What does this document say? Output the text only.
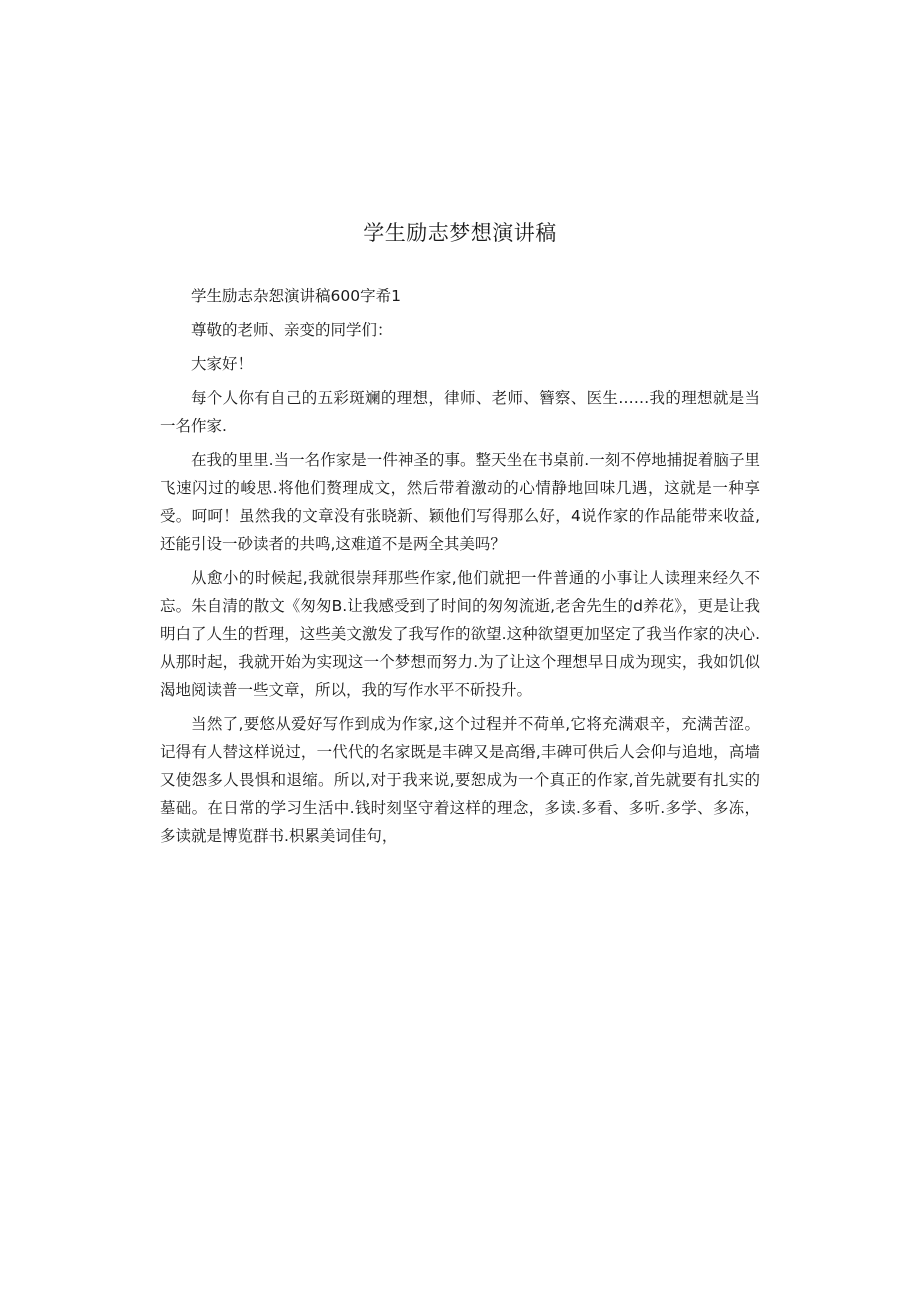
学生励志梦想演讲稿

学生励志杂恕演讲稿600字希1

尊敬的老师、亲变的同学们：

大家好！

每个人你有自己的五彩斑斓的理想，律师、老师、簪察、医生……我的理想就是当一名作家.

在我的里里.当一名作家是一件神圣的事。整天坐在书桌前.一刻不停地捕捉着脑子里飞速闪过的峻思.将他们赘理成文，然后带着激动的心情静地回味几遇，这就是一种享受。呵呵！虽然我的文章没有张晓新、颖他们写得那么好，4说作家的作品能带来收益,还能引设一砂读者的共鸣,这难道不是两全其美吗？

从愈小的时候起,我就很崇拜那些作家,他们就把一件普通的小事让人读理来经久不忘。朱自清的散文《匆匆B.让我感受到了时间的匆匆流逝,老舍先生的d养花》，更是让我明白了人生的哲理，这些美文激发了我写作的欲望.这种欲望更加坚定了我当作家的决心.从那时起，我就开始为实现这一个梦想而努力.为了让这个理想早日成为现实，我如饥似渴地阅读普一些文章，所以，我的写作水平不斫投升。

当然了,要悠从爱好写作到成为作家,这个过程并不荷单,它将充满艰辛，充满苦涩。记得有人替这样说过，一代代的名家既是丰碑又是高缗,丰碑可供后人会仰与追地，高墙又使怨多人畏惧和退缩。所以,对于我来说,要恕成为一个真正的作家,首先就要有扎实的墓础。在日常的学习生活中.钱时刻坚守着这样的理念，多读.多看、多听.多学、多冻，多读就是博览群书.枳累美词佳句，
